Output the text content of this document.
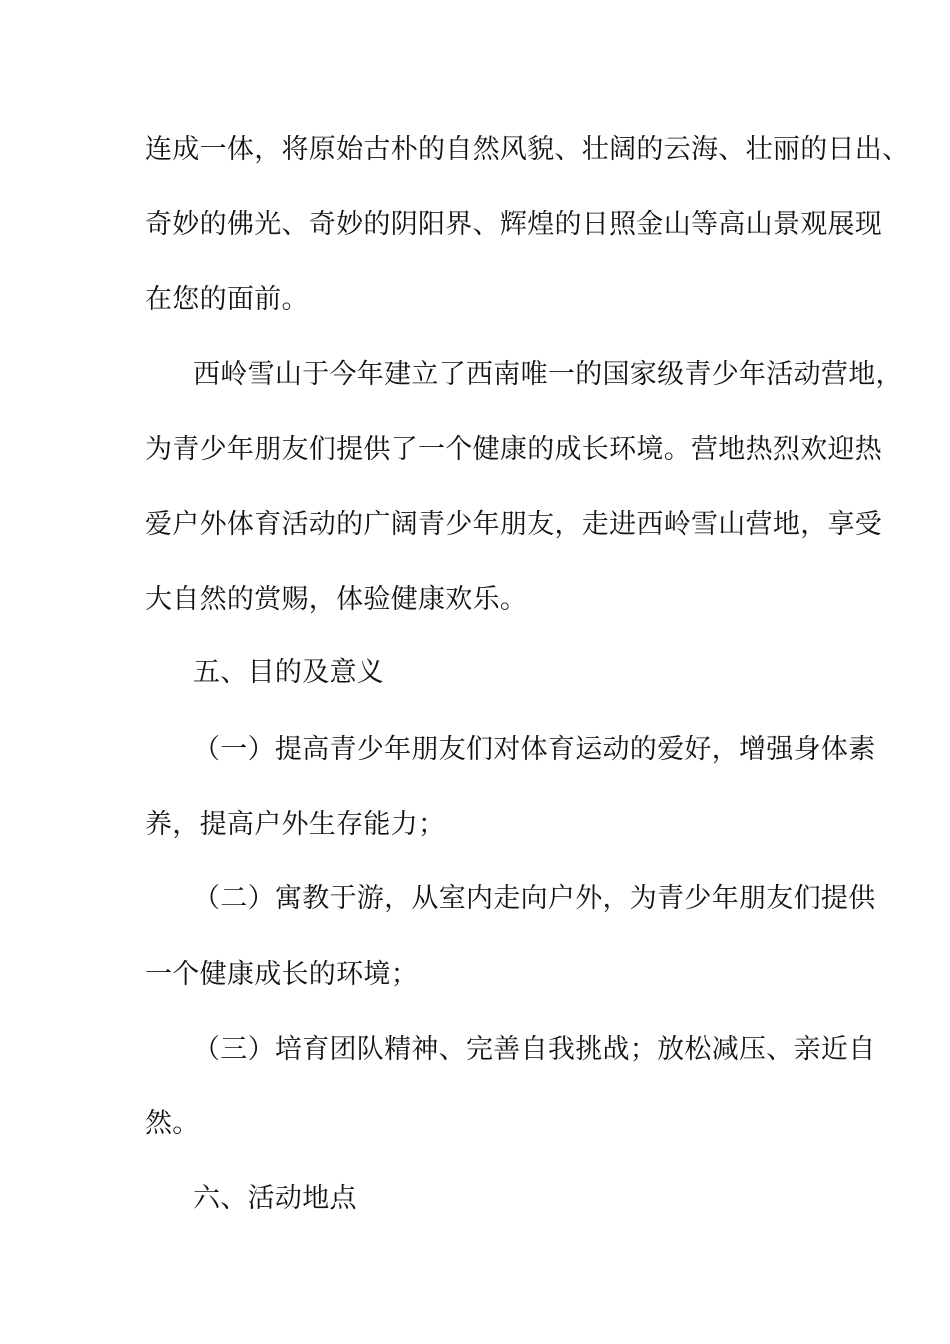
连成一体，将原始古朴的自然风貌、壮阔的云海、壮丽的日出、
奇妙的佛光、奇妙的阴阳界、辉煌的日照金山等高山景观展现
在您的面前。
西岭雪山于今年建立了西南唯一的国家级青少年活动营地，
为青少年朋友们提供了一个健康的成长环境。营地热烈欢迎热
爱户外体育活动的广阔青少年朋友，走进西岭雪山营地，享受
大自然的赏赐，体验健康欢乐。
五、目的及意义
（一）提高青少年朋友们对体育运动的爱好，增强身体素
养，提高户外生存能力；
（二）寓教于游，从室内走向户外，为青少年朋友们提供
一个健康成长的环境；
（三）培育团队精神、完善自我挑战；放松减压、亲近自
然。
六、活动地点
